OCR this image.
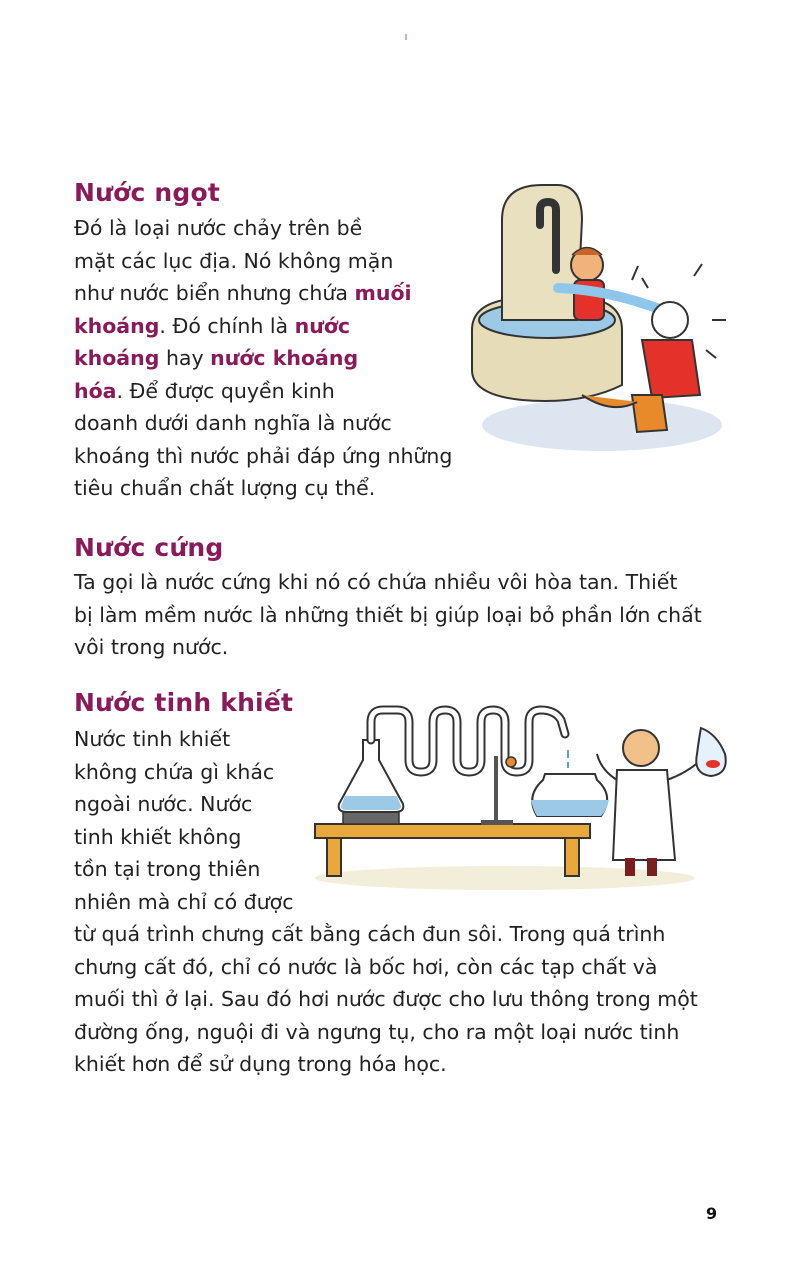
Nước ngọt

Đó là loại nước chảy trên bề
mặt các lục địa. Nó không mặn
như nước biển nhưng chứa muối
khoáng. Đó chính là nước
khoáng hay nước khoáng
hóa. Để được quyền kinh
doanh dưới danh nghĩa là nước
khoáng thì nước phải đáp ứng những
tiêu chuẩn chất lượng cụ thể.

Nước cứng

Ta gọi là nước cứng khi nó có chứa nhiều vôi hòa tan. Thiết
bị làm mềm nước là những thiết bị giúp loại bỏ phần lớn chất
vôi trong nước.

Nước tinh khiết

Nước tinh khiết
không chứa gì khác
ngoài nước. Nước
tinh khiết không
tồn tại trong thiên
nhiên mà chỉ có được

từ quá trình chưng cất bằng cách đun sôi. Trong quá trình
chưng cất đó, chỉ có nước là bốc hơi, còn các tạp chất và
muối thì ở lại. Sau đó hơi nước được cho lưu thông trong một
đường ống, nguội đi và ngưng tụ, cho ra một loại nước tinh
khiết hơn để sử dụng trong hóa học.

9
